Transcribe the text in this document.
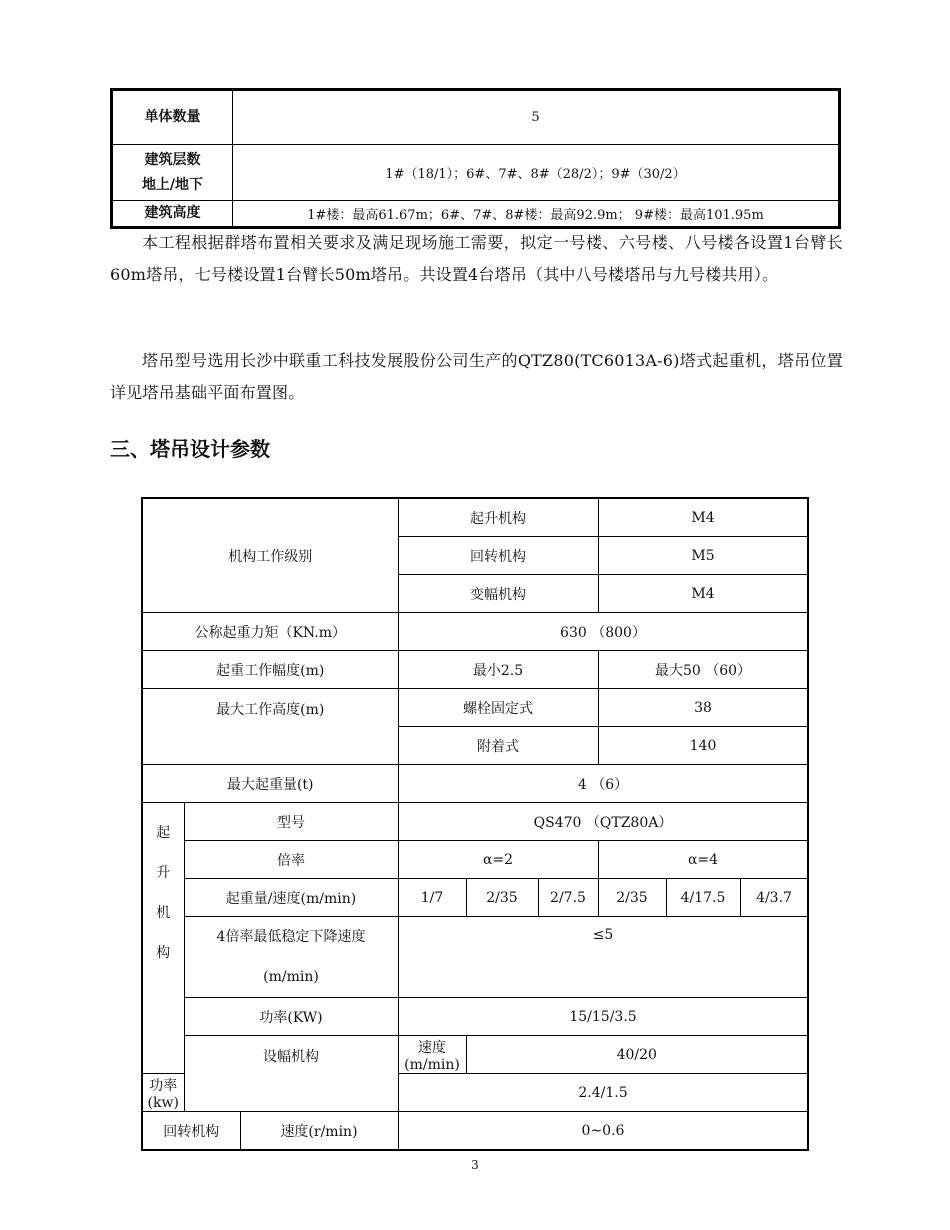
单体数量	5

建筑层数
地上/地下	1#（18/1）；6#、7#、8#（28/2）；9#（30/2）
建筑高度	1#楼：最高61.67m；6#、7#、8#楼：最高92.9m； 9#楼：最高101.95m
本工程根据群塔布置相关要求及满足现场施工需要，拟定一号楼、六号楼、八号楼各设置1台臂长60m塔吊，七号楼设置1台臂长50m塔吊。共设置4台塔吊（其中八号楼塔吊与九号楼共用）。
塔吊型号选用长沙中联重工科技发展股份公司生产的QTZ80(TC6013A-6)塔式起重机，塔吊位置详见塔吊基础平面布置图。
三、塔吊设计参数
机构工作级别			起升机构			M4		
			回转机构			M5		
			变幅机构			M4		
公称起重力矩（KN.m）			630 （800）					
起重工作幅度(m)			最小2.5			最大50 （60）		
最大工作高度(m)			螺栓固定式			38		
			附着式			140		
最大起重量(t)			4 （6）					

起
升
机
构	型号		QS470 （QTZ80A）					
	倍率		α=2			α=4		
	起重量/速度(m/min)		1/7	2/35	2/7.5	2/35	4/17.5	4/3.7

	4倍率最低稳定下降速度
(m/min)		≤5					
	功率(KW)		15/15/3.5					
	设幅机构		速度(m/min)	40/20				
功率(kw)			2.4/1.5					
回转机构		速度(r/min)	0~0.6					
3
